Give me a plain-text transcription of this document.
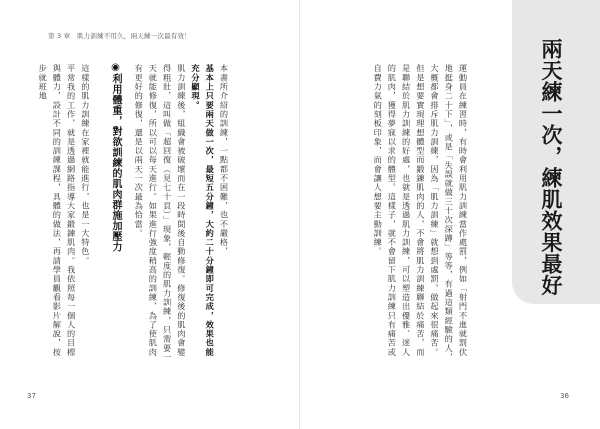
第 3 章　肌力訓練不用久，兩天練一次最有效！

本書所介紹的訓練，一點都不困難，也不嚴格，

基本上只要兩天做一次，最短五分鐘，大約二十分鐘即可完成，效果也能充分顯現。

肌力訓練後，組織會被破壞而在一段時間後自動修復。修復後的肌肉會變得粗壯，這叫做「超回復（見七十頁）」現象，輕度的肌力訓練，只需要一天就能修復，所以可以每天進行。如果進行強度稍高的訓練，為了使肌肉有更好的修復，還是以兩天一次最為恰當。

◉利用體重，對欲訓練的肌肉群施加壓力

這樣的肌力訓練在家裡就能進行，也是一大特色。

平常我的工作，就是透過網路指導大家鍛鍊肌肉。我依照每一個人的目標與體力，設計不同的訓練課程，具體的做法，再請學員觀看影片解說，按步就班地

37
兩天練一次，練肌效果最好

運動員在練習時，有時會利用肌力訓練當作處罰，例如「射門不進就罰伏地挺身二十下」，或是「失誤就做三十次深蹲」等等，有過這類經驗的人，大概都會排斥肌力訓練，因為「肌力訓練」就想到處罰，做起來很痛苦。

但是想要實現理想體型而鍛鍊肌肉的人，不會將肌力訓練聯結於痛苦，而是聯結於肌力訓練的好處，也就是透過肌力訓練，可以塑造出優雅、迷人的肌肉，獲得夢寐以求的體型。這樣子，就不會留下肌力訓練只有痛苦或自費力氣的刻板印象，而會讓人想要主動訓練。

36
